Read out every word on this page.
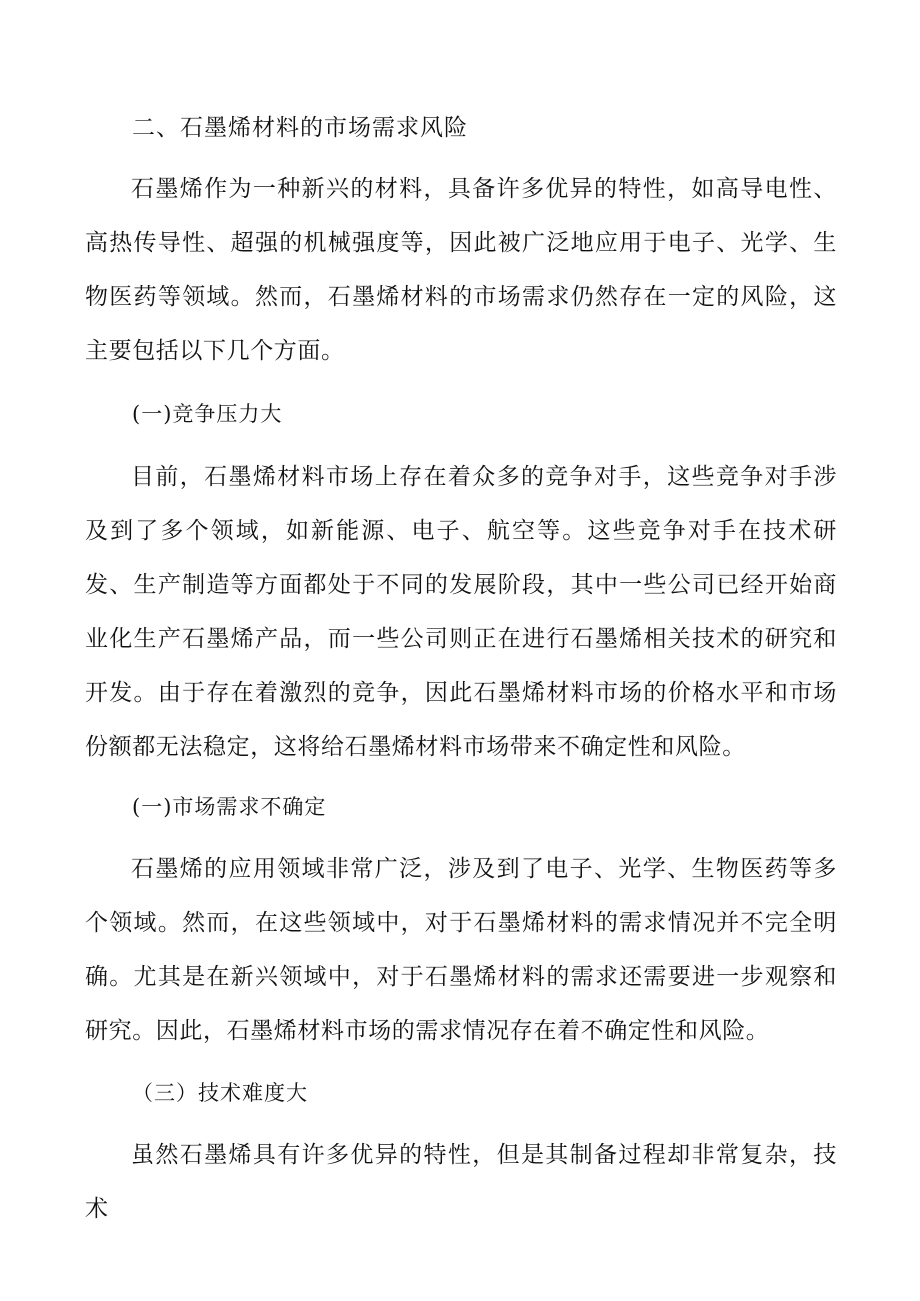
二、石墨烯材料的市场需求风险

石墨烯作为一种新兴的材料，具备许多优异的特性，如高导电性、高热传导性、超强的机械强度等，因此被广泛地应用于电子、光学、生物医药等领域。然而，石墨烯材料的市场需求仍然存在一定的风险，这主要包括以下几个方面。

(一)竞争压力大

目前，石墨烯材料市场上存在着众多的竞争对手，这些竞争对手涉及到了多个领域，如新能源、电子、航空等。这些竞争对手在技术研发、生产制造等方面都处于不同的发展阶段，其中一些公司已经开始商业化生产石墨烯产品，而一些公司则正在进行石墨烯相关技术的研究和开发。由于存在着激烈的竞争，因此石墨烯材料市场的价格水平和市场份额都无法稳定，这将给石墨烯材料市场带来不确定性和风险。

(一)市场需求不确定

石墨烯的应用领域非常广泛，涉及到了电子、光学、生物医药等多个领域。然而，在这些领域中，对于石墨烯材料的需求情况并不完全明确。尤其是在新兴领域中，对于石墨烯材料的需求还需要进一步观察和研究。因此，石墨烯材料市场的需求情况存在着不确定性和风险。

（三）技术难度大

虽然石墨烯具有许多优异的特性，但是其制备过程却非常复杂，技术
